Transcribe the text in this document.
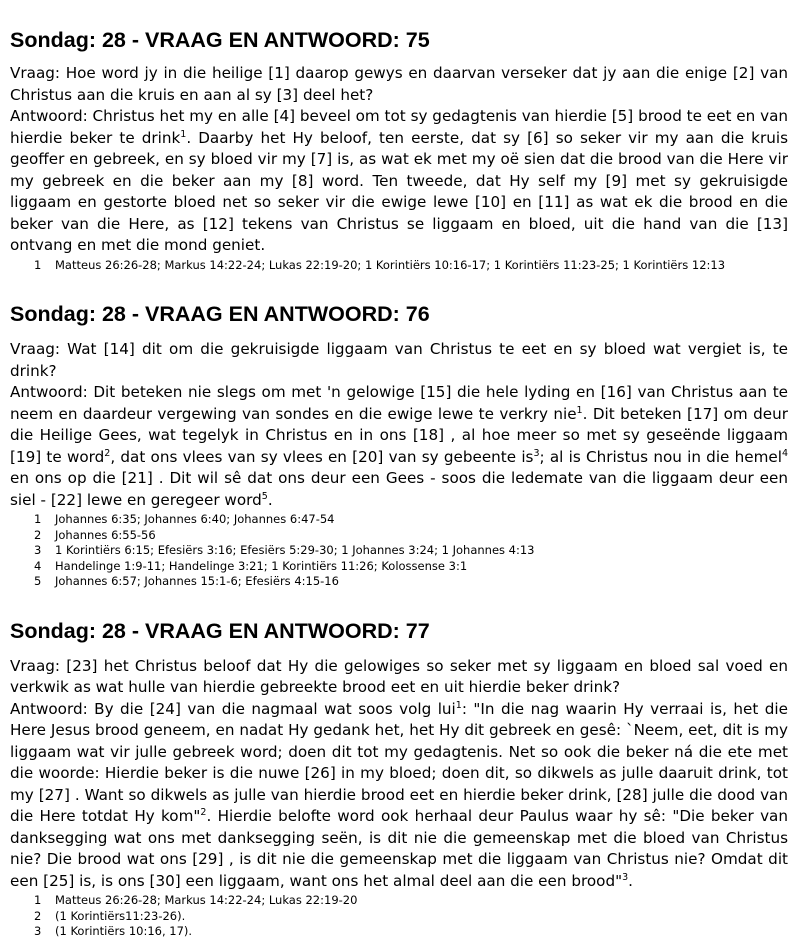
Sondag: 28 - VRAAG EN ANTWOORD: 75

Vraag: Hoe word jy in die heilige [1] daarop gewys en daarvan verseker dat jy aan die enige [2] van Christus aan die kruis en aan al sy [3] deel het?

Antwoord: Christus het my en alle [4] beveel om tot sy gedagtenis van hierdie [5] brood te eet en van hierdie beker te drink$^1$. Daarby het Hy beloof, ten eerste, dat sy [6] so seker vir my aan die kruis geoffer en gebreek, en sy bloed vir my [7] is, as wat ek met my oë sien dat die brood van die Here vir my gebreek en die beker aan my [8] word. Ten tweede, dat Hy self my [9] met sy gekruisigde liggaam en gestorte bloed net so seker vir die ewige lewe [10] en [11] as wat ek die brood en die beker van die Here, as [12] tekens van Christus se liggaam en bloed, uit die hand van die [13] ontvang en met die mond geniet.

1	Matteus 26:26-28; Markus 14:22-24; Lukas 22:19-20; 1 Korintiërs 10:16-17; 1 Korintiërs 11:23-25; 1 Korintiërs 12:13
Sondag: 28 - VRAAG EN ANTWOORD: 76

Vraag: Wat [14] dit om die gekruisigde liggaam van Christus te eet en sy bloed wat vergiet is, te drink?

Antwoord: Dit beteken nie slegs om met 'n gelowige [15] die hele lyding en [16] van Christus aan te neem en daardeur vergewing van sondes en die ewige lewe te verkry nie$^1$. Dit beteken [17] om deur die Heilige Gees, wat tegelyk in Christus en in ons [18] , al hoe meer so met sy geseënde liggaam [19] te word$^2$, dat ons vlees van sy vlees en [20] van sy gebeente $is^3$; al is Christus nou in die hemel$^4$ en ons op die [21] . Dit wil sê dat ons deur een Gees - soos die ledemate van die liggaam deur een siel - [22] lewe en geregeer word$^5$.

1	Johannes 6:35; Johannes 6:40; Johannes 6:47-54
2	Johannes 6:55-56
3	1 Korintiërs 6:15; Efesiërs 3:16; Efesiërs 5:29-30; 1 Johannes 3:24; 1 Johannes 4:13
4	Handelinge 1:9-11; Handelinge 3:21; 1 Korintiërs 11:26; Kolossense 3:1
5	Johannes 6:57; Johannes 15:1-6; Efesiërs 4:15-16
Sondag: 28 - VRAAG EN ANTWOORD: 77

Vraag: [23] het Christus beloof dat Hy die gelowiges so seker met sy liggaam en bloed sal voed en verkwik as wat hulle van hierdie gebreekte brood eet en uit hierdie beker drink?

Antwoord: By die [24] van die nagmaal wat soos volg lui$^1$: "In die nag waarin Hy verraai is, het die Here Jesus brood geneem, en nadat Hy gedank het, het Hy dit gebreek en gesê: `Neem, eet, dit is my liggaam wat vir julle gebreek word; doen dit tot my gedagtenis. Net so ook die beker ná die ete met die woorde: Hierdie beker is die nuwe [26] in my bloed; doen dit, so dikwels as julle daaruit drink, tot my [27] . Want so dikwels as julle van hierdie brood eet en hierdie beker drink, [28] julle die dood van die Here totdat Hy kom"$^2$. Hierdie belofte word ook herhaal deur Paulus waar hy sê: "Die beker van danksegging wat ons met danksegging seën, is dit nie die gemeenskap met die bloed van Christus nie? Die brood wat ons [29] , is dit nie die gemeenskap met die liggaam van Christus nie? Omdat dit een [25] is, is ons [30] een liggaam, want ons het almal deel aan die een brood"$^3$.

1	Matteus 26:26-28; Markus 14:22-24; Lukas 22:19-20
2	(1 Korintiërs11:23-26).
3	(1 Korintiërs 10:16, 17).
